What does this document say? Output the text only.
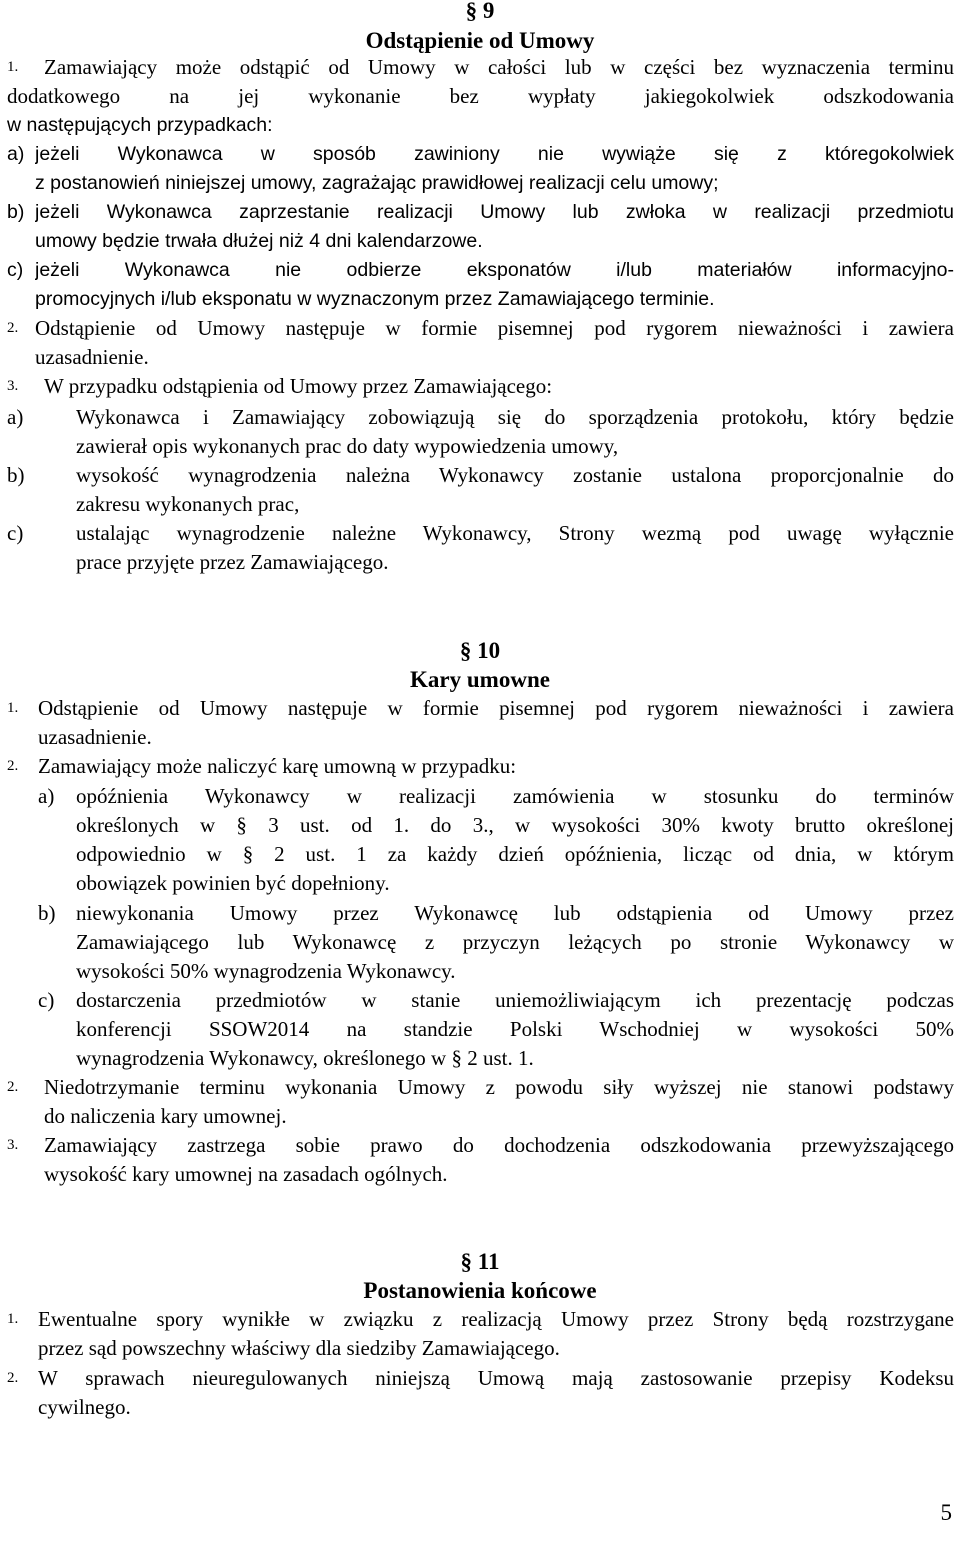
§ 9
Odstąpienie od Umowy
1. Zamawiający może odstąpić od Umowy w całości lub w części bez wyznaczenia terminu
dodatkowego na jej wykonanie bez wypłaty jakiegokolwiek odszkodowania
w następujących przypadkach:
a) jeżeli Wykonawca w sposób zawiniony nie wywiąże się z któregokolwiek
z postanowień niniejszej umowy, zagrażając prawidłowej realizacji celu umowy;
b) jeżeli Wykonawca zaprzestanie realizacji Umowy lub zwłoka w realizacji przedmiotu
umowy będzie trwała dłużej niż 4 dni kalendarzowe.
c) jeżeli Wykonawca nie odbierze eksponatów i/lub materiałów informacyjno-
promocyjnych i/lub eksponatu w wyznaczonym przez Zamawiającego terminie.
2. Odstąpienie od Umowy następuje w formie pisemnej pod rygorem nieważności i zawiera
uzasadnienie.
3. W przypadku odstąpienia od Umowy przez Zamawiającego:
a)	Wykonawca i Zamawiający zobowiązują się do sporządzenia protokołu, który będzie
zawierał opis wykonanych prac do daty wypowiedzenia umowy,
b) wysokość wynagrodzenia należna Wykonawcy zostanie ustalona proporcjonalnie do
zakresu wykonanych prac,
c)	ustalając wynagrodzenie należne Wykonawcy, Strony wezmą pod uwagę wyłącznie
prace przyjęte przez Zamawiającego.
§ 10
Kary umowne
1. Odstąpienie od Umowy następuje w formie pisemnej pod rygorem nieważności i zawiera
uzasadnienie.
2. Zamawiający może naliczyć karę umowną w przypadku:
a) opóźnienia Wykonawcy w realizacji zamówienia w stosunku do terminów
określonych w § 3 ust. od 1. do 3., w wysokości 30% kwoty brutto określonej
odpowiednio w § 2 ust. 1 za każdy dzień opóźnienia, licząc od dnia, w którym
obowiązek powinien być dopełniony.
b) niewykonania Umowy przez Wykonawcę lub odstąpienia od Umowy przez
Zamawiającego lub Wykonawcę z przyczyn leżących po stronie Wykonawcy w
wysokości 50% wynagrodzenia Wykonawcy.
c) dostarczenia przedmiotów w stanie uniemożliwiającym ich prezentację podczas
konferencji SSOW2014 na standzie Polski Wschodniej w wysokości 50%
wynagrodzenia Wykonawcy, określonego w § 2 ust. 1.
2. Niedotrzymanie terminu wykonania Umowy z powodu siły wyższej nie stanowi podstawy
do naliczenia kary umownej.
3. Zamawiający zastrzega sobie prawo do dochodzenia odszkodowania przewyższającego
wysokość kary umownej na zasadach ogólnych.
§ 11
Postanowienia końcowe
1. Ewentualne spory wynikłe w związku z realizacją Umowy przez Strony będą rozstrzygane
przez sąd powszechny właściwy dla siedziby Zamawiającego.
2. W sprawach nieuregulowanych niniejszą Umową mają zastosowanie przepisy Kodeksu
cywilnego.
5
